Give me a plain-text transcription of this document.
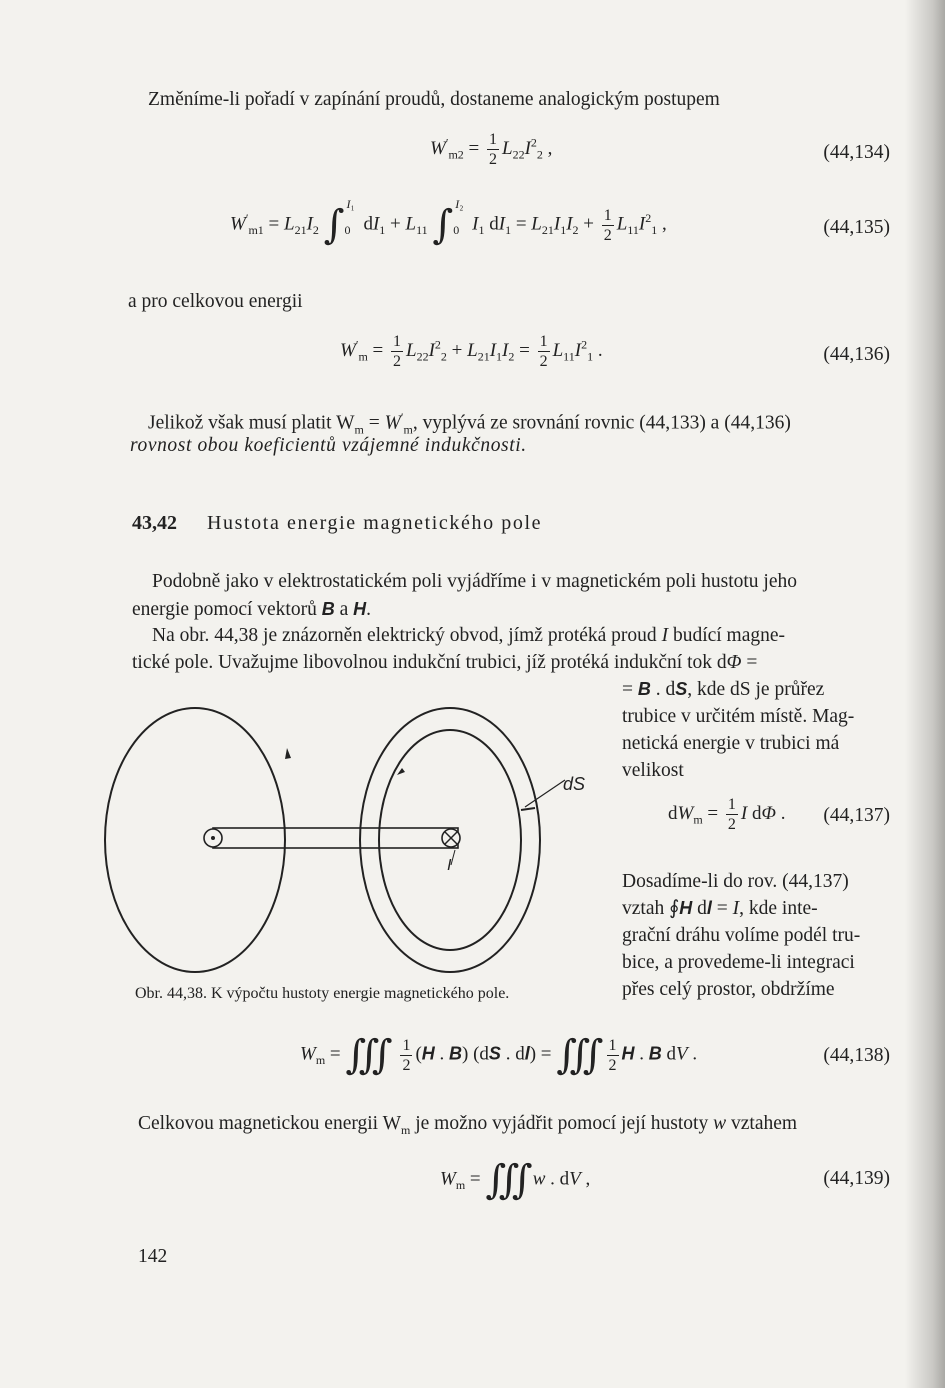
Změníme-li pořadí v zapínání proudů, dostaneme analogickým postupem

$W'_{m2} = \frac{1}{2} L_{22}I^2_2$ ,	(44,134)
$W'_{m1} = L_{21}I_2$ $\int_0^{I_1}$ $dI_1 + L_{11}$ $\int_0^{I_2}$ $I_1$ $dI_1 = L_{21}I_1I_2 + \frac{1}{2} L_{11}I^2_1$ ,	(44,135)

a pro celkovou energii

$W'_m = \frac{1}{2} L_{22}I^2_2 + L_{21}I_1I_2 = \frac{1}{2} L_{11}I^2_1$ .	(44,136)

Jelikož však musí platit $W_m = W'_m$, vyplývá ze srovnání rovnic (44,133) a (44,136)

rovnost obou koeficientů vzájemné indukčnosti.

43,42 Hustota energie magnetického pole

Podobně jako v elektrostatickém poli vyjádříme i v magnetickém poli hustotu jeho

energie pomocí vektorů B a H.

Na obr. 44,38 je znázorněn elektrický obvod, jímž protéká proud I budící magne-

tické pole. Uvažujme libovolnou indukční trubici, jíž protéká indukční tok dΦ =

= B . dS, kde dS je průřez

trubice v určitém místě. Mag-

netická energie v trubici má

velikost

$dW_m = \frac{1}{2}$ I dΦ . (44,137)

Dosadíme-li do rov. (44,137)

vztah ∮H dl = I, kde inte-

grační dráhu volíme podél tru-

bice, a provedeme-li integraci

přes celý prostor, obdržíme

dS
I
Obr. 44,38. K výpočtu hustoty energie magnetického pole.
$W_m$ = ∭ $\frac{1}{2} (H$ . B) (dS . dl) = ∭ $\frac{1}{2}$ H . B dV .	(44,138)

Celkovou magnetickou energii $W_m$ je možno vyjádřit pomocí její hustoty w vztahem

$W_m$ = ∭w . dV ,	(44,139)
142
